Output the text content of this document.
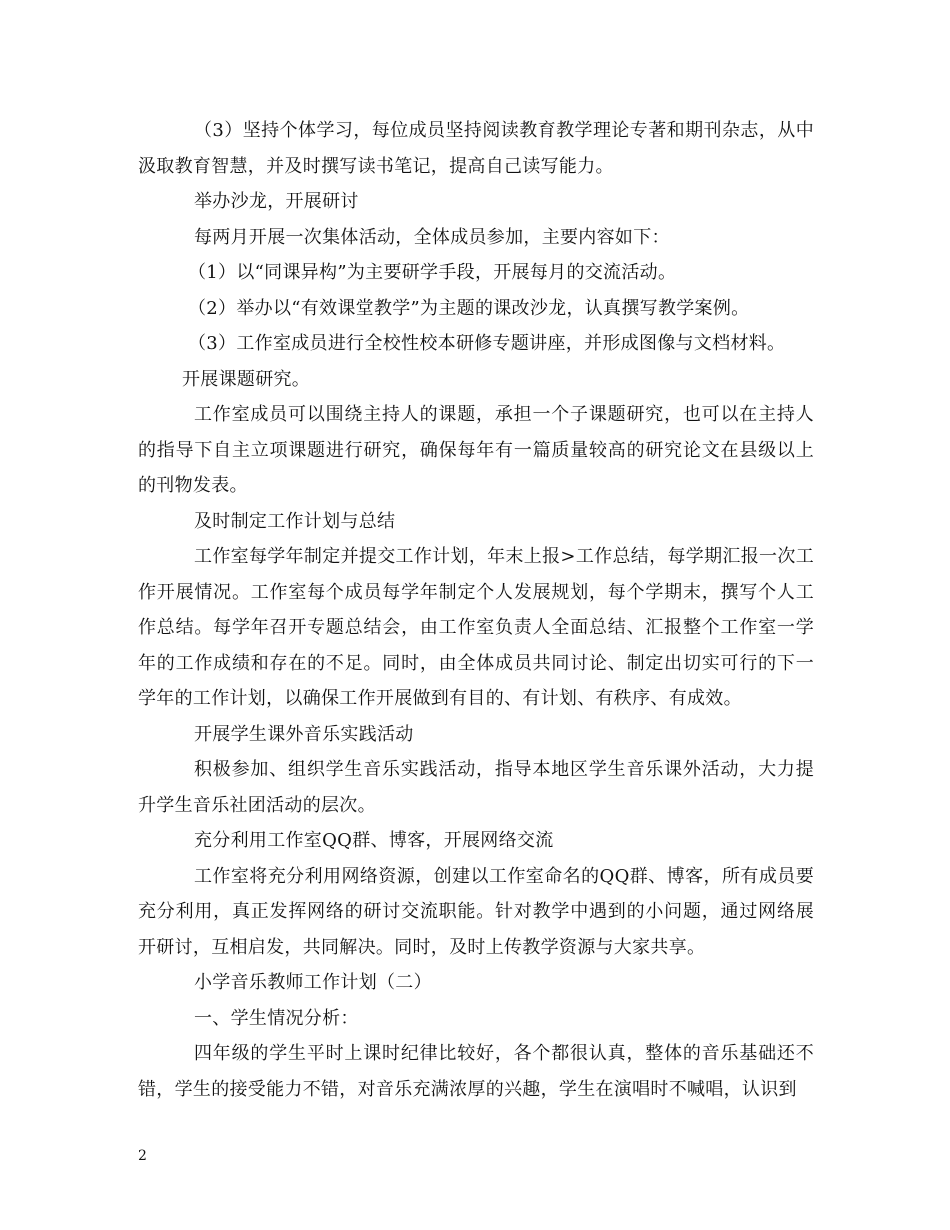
（3）坚持个体学习，每位成员坚持阅读教育教学理论专著和期刊杂志，从中汲取教育智慧，并及时撰写读书笔记，提高自己读写能力。

举办沙龙，开展研讨

每两月开展一次集体活动，全体成员参加，主要内容如下：

（1）以“同课异构”为主要研学手段，开展每月的交流活动。

（2）举办以“有效课堂教学”为主题的课改沙龙，认真撰写教学案例。

（3）工作室成员进行全校性校本研修专题讲座，并形成图像与文档材料。

开展课题研究。

工作室成员可以围绕主持人的课题，承担一个子课题研究，也可以在主持人的指导下自主立项课题进行研究，确保每年有一篇质量较高的研究论文在县级以上的刊物发表。

及时制定工作计划与总结

工作室每学年制定并提交工作计划，年末上报>工作总结，每学期汇报一次工作开展情况。工作室每个成员每学年制定个人发展规划，每个学期末，撰写个人工作总结。每学年召开专题总结会，由工作室负责人全面总结、汇报整个工作室一学年的工作成绩和存在的不足。同时，由全体成员共同讨论、制定出切实可行的下一学年的工作计划，以确保工作开展做到有目的、有计划、有秩序、有成效。

开展学生课外音乐实践活动

积极参加、组织学生音乐实践活动，指导本地区学生音乐课外活动，大力提升学生音乐社团活动的层次。

充分利用工作室QQ群、博客，开展网络交流

工作室将充分利用网络资源，创建以工作室命名的QQ群、博客，所有成员要充分利用，真正发挥网络的研讨交流职能。针对教学中遇到的小问题，通过网络展开研讨，互相启发，共同解决。同时，及时上传教学资源与大家共享。

小学音乐教师工作计划（二）

一、学生情况分析：

四年级的学生平时上课时纪律比较好，各个都很认真，整体的音乐基础还不错，学生的接受能力不错，对音乐充满浓厚的兴趣，学生在演唱时不喊唱，认识到

2
